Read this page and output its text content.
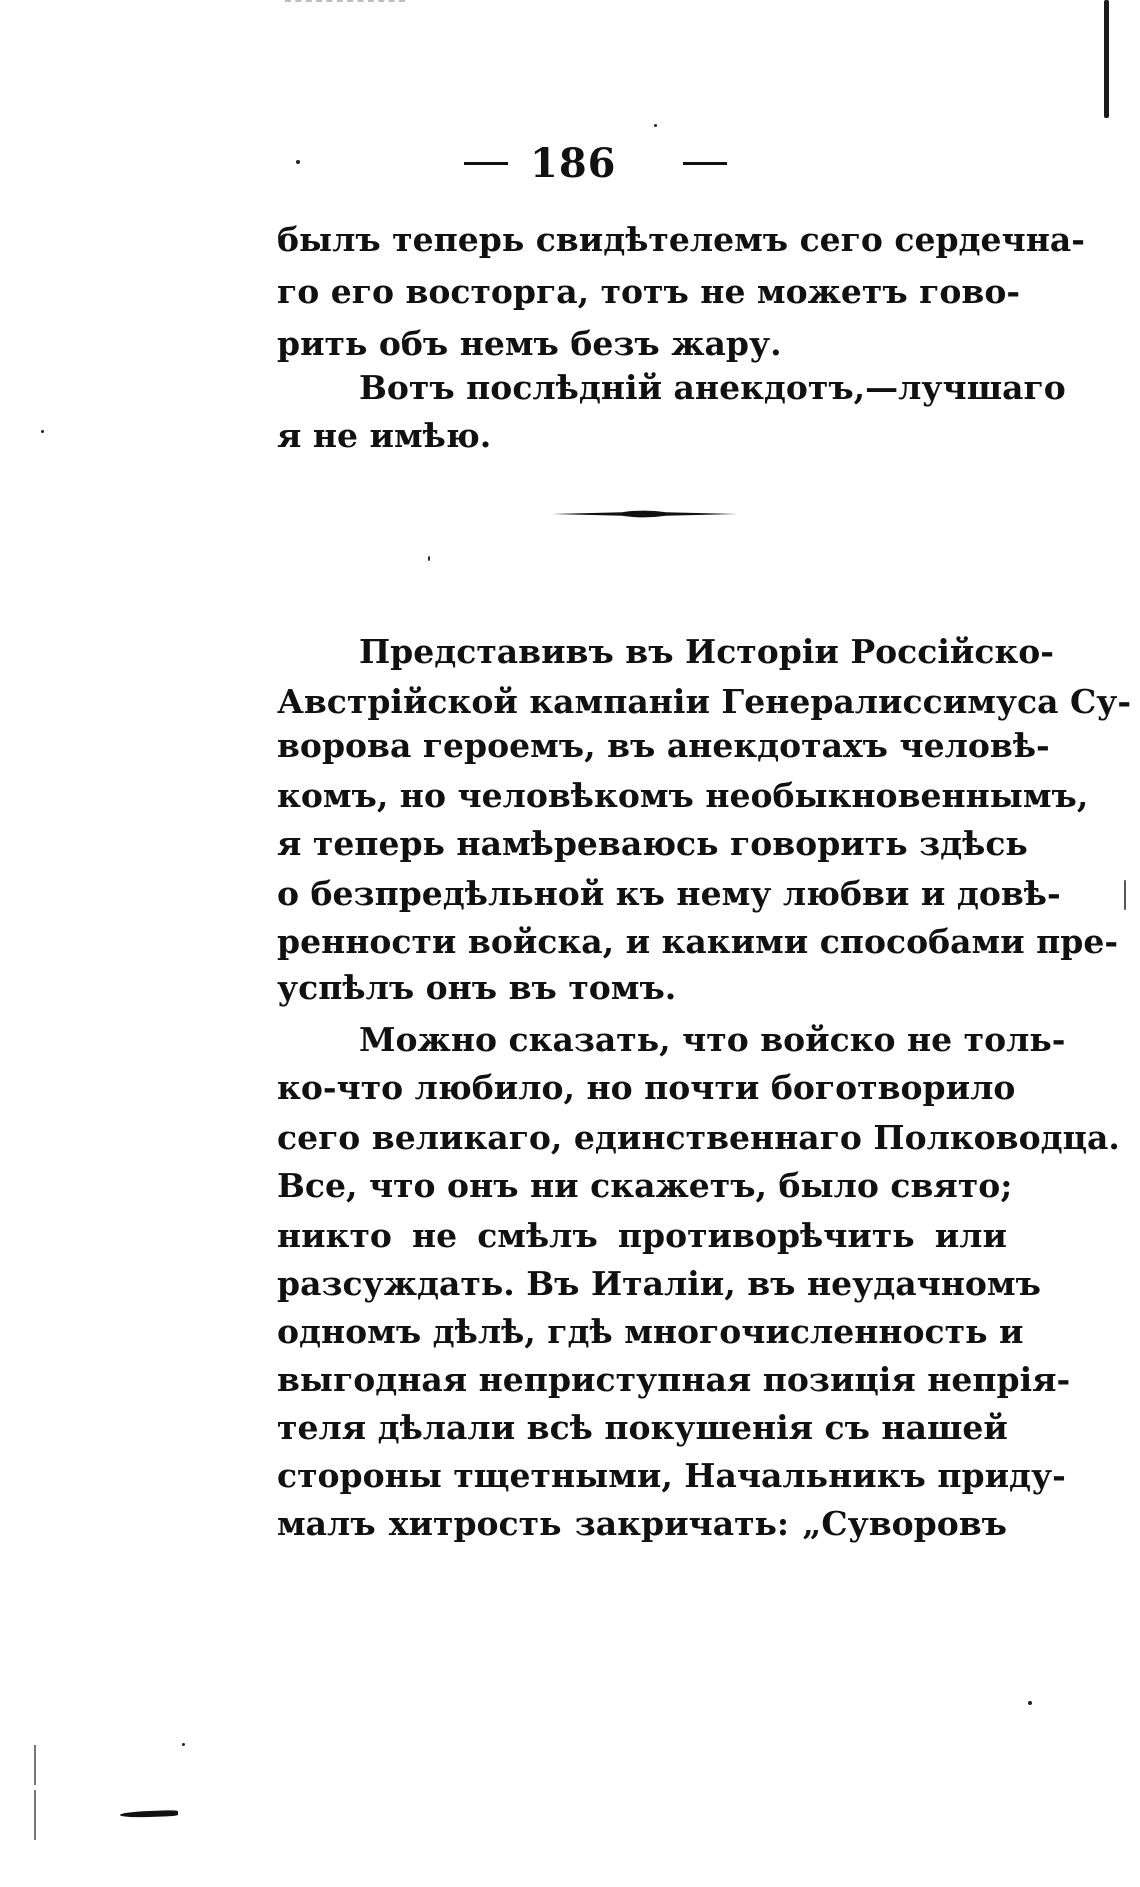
186
былъ теперь свидѣтелемъ сего сердечна-
го его восторга, тотъ не можетъ гово-
рить объ немъ безъ жару.
Вотъ послѣднiй анекдотъ,—лучшаго
я не имѣю.
Представивъ въ Исторiи Россiйско-
Австрiйской кампанiи Генералиссимуса Су-
ворова героемъ, въ анекдотахъ человѣ-
комъ, но человѣкомъ необыкновеннымъ,
я теперь намѣреваюсь говорить здѣсь
о безпредѣльной къ нему любви и довѣ-
ренности войска, и какими способами пре-
успѣлъ онъ въ томъ.
Можно сказать, что войско не толь-
ко-что любило, но почти боготворило
сего великаго, единственнаго Полководца.
Все, что онъ ни скажетъ, было свято;
никто не смѣлъ противорѣчить или
разсуждать. Въ Италiи, въ неудачномъ
одномъ дѣлѣ, гдѣ многочисленность и
выгодная неприступная позицiя непрiя-
теля дѣлали всѣ покушенiя съ нашей
стороны тщетными, Начальникъ приду-
малъ хитрость закричать: „Суворовъ
